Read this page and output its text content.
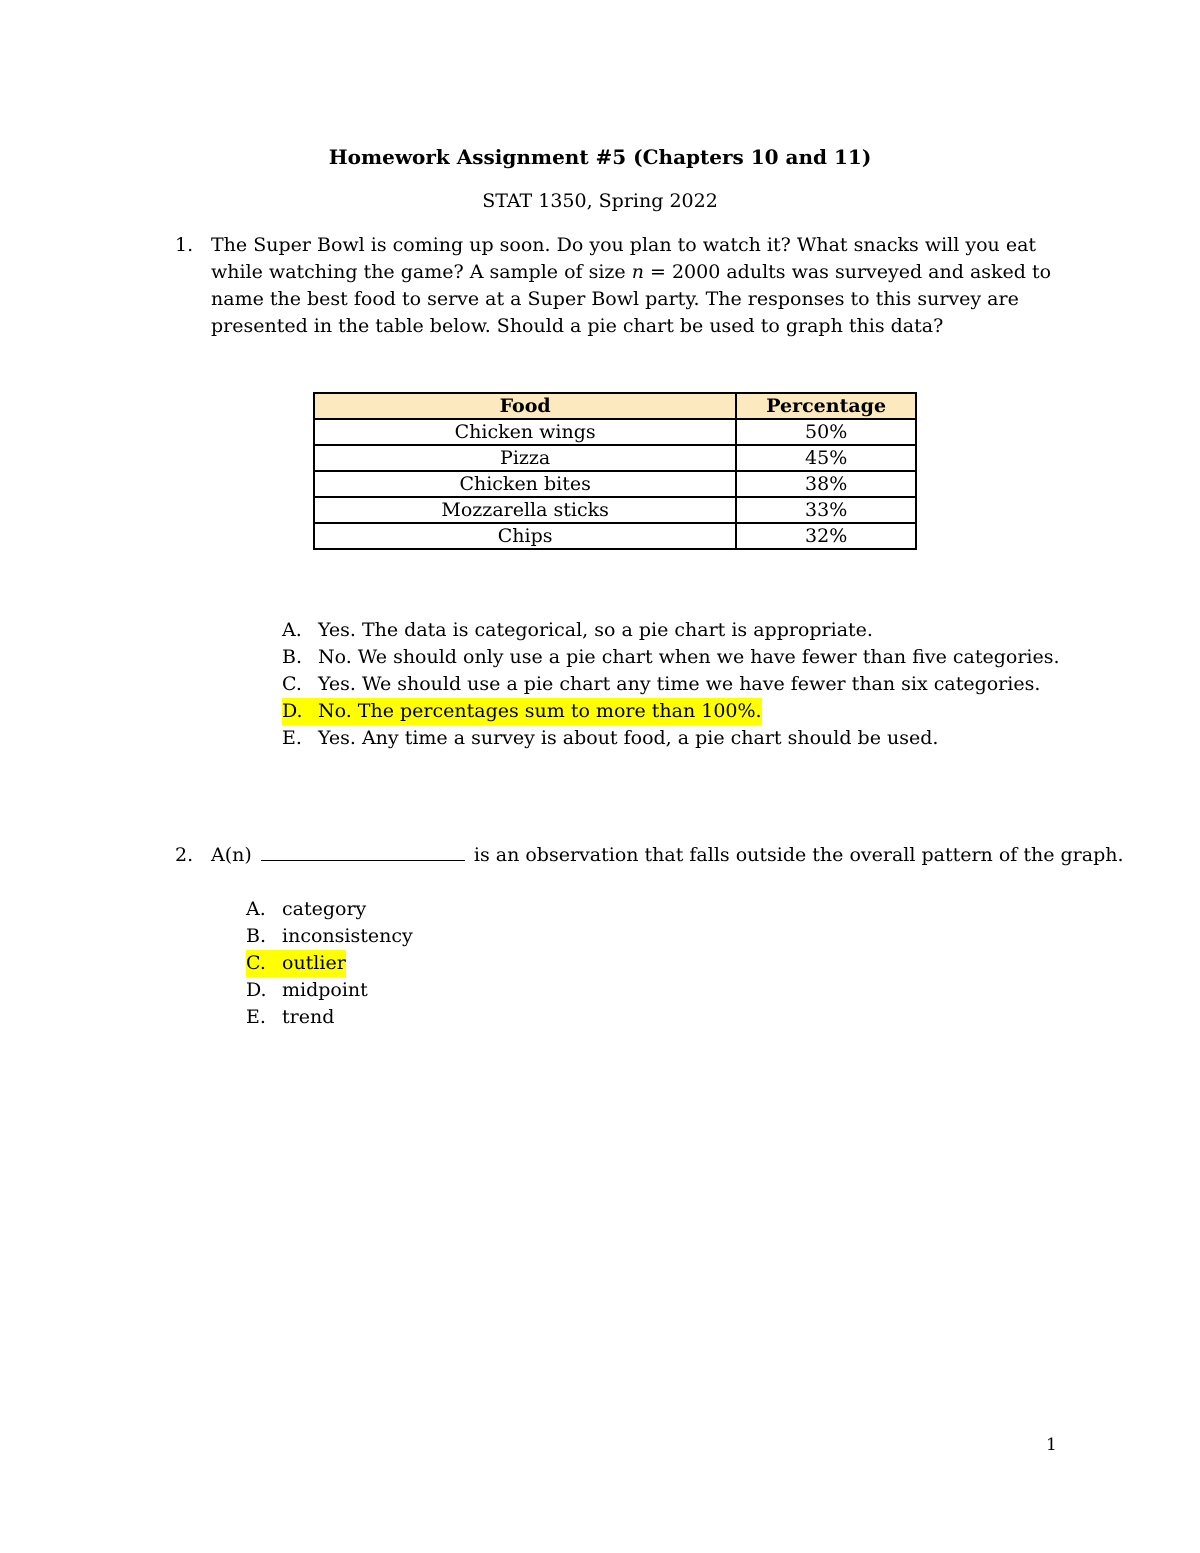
Homework Assignment #5 (Chapters 10 and 11)
STAT 1350, Spring 2022
1. The Super Bowl is coming up soon. Do you plan to watch it? What snacks will you eat while watching the game? A sample of size n = 2000 adults was surveyed and asked to name the best food to serve at a Super Bowl party. The responses to this survey are presented in the table below. Should a pie chart be used to graph this data?
Food	Percentage
Chicken wings	50%
Pizza	45%
Chicken bites	38%
Mozzarella sticks	33%
Chips	32%
A. Yes. The data is categorical, so a pie chart is appropriate.
B. No. We should only use a pie chart when we have fewer than five categories.
C. Yes. We should use a pie chart any time we have fewer than six categories.
D. No. The percentages sum to more than 100%.
E. Yes. Any time a survey is about food, a pie chart should be used.
2. A(n)	is an observation that falls outside the overall pattern of the graph.
A. category
B. inconsistency
C. outlier
D. midpoint
E. trend
1
